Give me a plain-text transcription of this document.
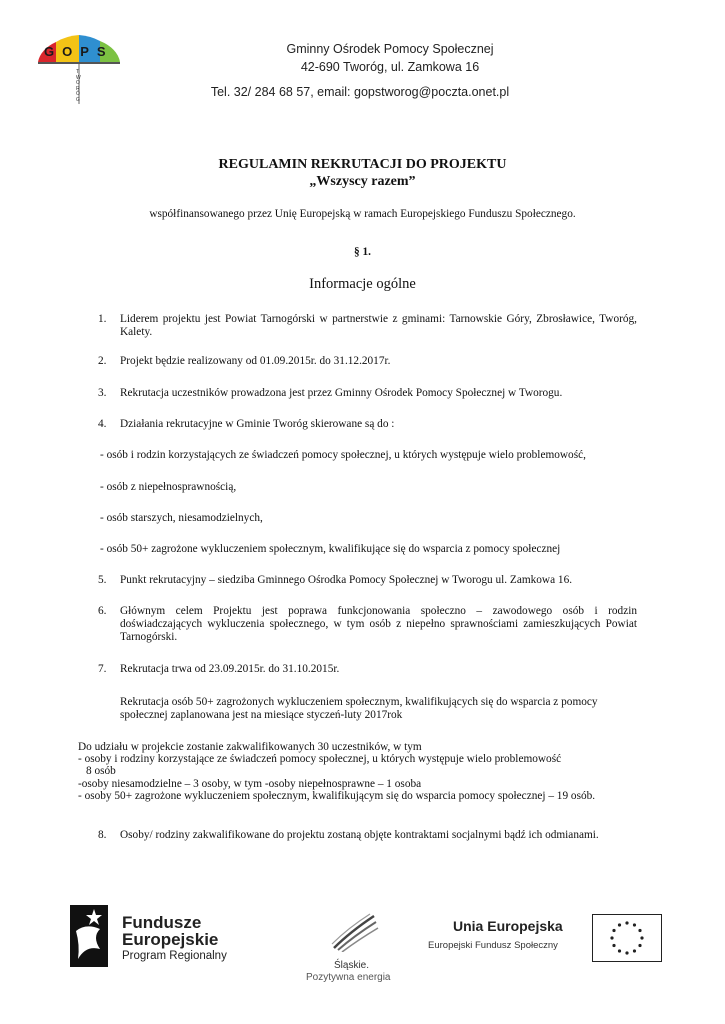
GOPS
TWORÓG
Gminny Ośrodek Pomocy Społecznej
42-690 Tworóg, ul. Zamkowa 16
Tel. 32/ 284 68 57, email: gopstworog@poczta.onet.pl
REGULAMIN REKRUTACJI DO PROJEKTU
„Wszyscy razem”
współfinansowanego przez Unię Europejską w ramach Europejskiego Funduszu Społecznego.
§ 1.
Informacje ogólne
1. Liderem projektu jest Powiat Tarnogórski w partnerstwie z gminami: Tarnowskie Góry, Zbrosławice, Tworóg, Kalety.
2. Projekt będzie realizowany od 01.09.2015r. do 31.12.2017r.
3. Rekrutacja uczestników prowadzona jest przez Gminny Ośrodek Pomocy Społecznej w Tworogu.
4. Działania rekrutacyjne w Gminie Tworóg skierowane są do :
- osób i rodzin korzystających ze świadczeń pomocy społecznej, u których występuje wielo problemowość,
- osób z niepełnosprawnością,
- osób starszych, niesamodzielnych,
- osób 50+ zagrożone wykluczeniem społecznym, kwalifikujące się do wsparcia z pomocy społecznej
5. Punkt rekrutacyjny – siedziba Gminnego Ośrodka Pomocy Społecznej w Tworogu ul. Zamkowa 16.
6. Głównym celem Projektu jest poprawa funkcjonowania społeczno – zawodowego osób i rodzin doświadczających wykluczenia społecznego, w tym osób z niepełno sprawnościami zamieszkujących Powiat Tarnogórski.
7. Rekrutacja trwa od 23.09.2015r. do 31.10.2015r.
Rekrutacja osób 50+ zagrożonych wykluczeniem społecznym, kwalifikujących się do wsparcia z pomocy społecznej zaplanowana jest na miesiące styczeń-luty 2017rok
Do udziału w projekcie zostanie zakwalifikowanych 30 uczestników, w tym
- osoby i rodziny korzystające ze świadczeń pomocy społecznej, u których występuje wielo problemowość
8 osób
-osoby niesamodzielne – 3 osoby, w tym -osoby niepełnosprawne – 1 osoba
- osoby 50+ zagrożone wykluczeniem społecznym, kwalifikującym się do wsparcia pomocy społecznej – 19 osób.
8. Osoby/ rodziny zakwalifikowane do projektu zostaną objęte kontraktami socjalnymi bądź ich odmianami.
Fundusze
Europejskie
Program Regionalny
Śląskie.
Pozytywna energia
Unia Europejska
Europejski Fundusz Społeczny
